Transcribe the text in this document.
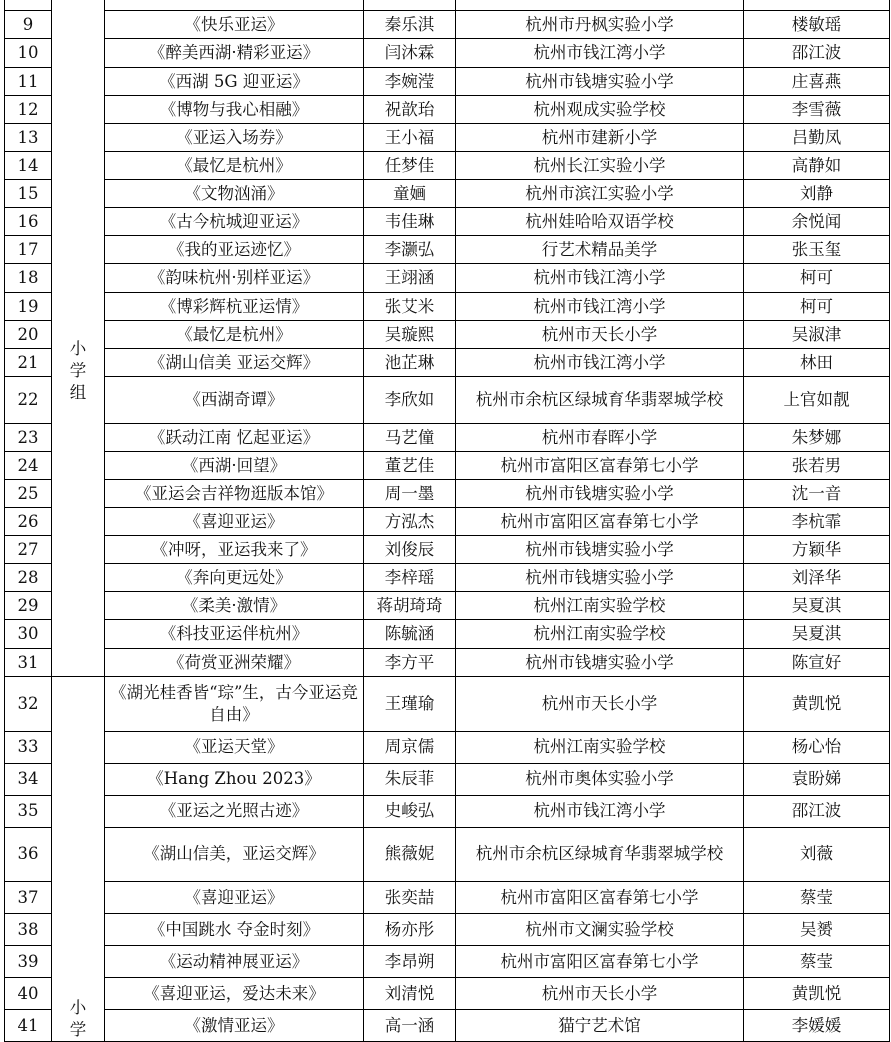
	小学组				
9		《快乐亚运》	秦乐淇	杭州市丹枫实验小学	楼敏瑶
10		《醉美西湖·精彩亚运》	闫沐霖	杭州市钱江湾小学	邵江波
11		《西湖 5G 迎亚运》	李婉滢	杭州市钱塘实验小学	庄喜燕
12		《博物与我心相融》	祝歆珆	杭州观成实验学校	李雪薇
13		《亚运入场券》	王小福	杭州市建新小学	吕勤凤
14		《最忆是杭州》	任梦佳	杭州长江实验小学	高静如
15		《文物汹涌》	童婳	杭州市滨江实验小学	刘静
16		《古今杭城迎亚运》	韦佳琳	杭州娃哈哈双语学校	余悦闻
17		《我的亚运迹忆》	李灏弘	行艺术精品美学	张玉玺
18		《韵味杭州·别样亚运》	王翊涵	杭州市钱江湾小学	柯可
19		《博彩辉杭亚运情》	张艾米	杭州市钱江湾小学	柯可
20		《最忆是杭州》	吴璇熙	杭州市天长小学	吴淑津
21		《湖山信美 亚运交辉》	池芷琳	杭州市钱江湾小学	林田
22		《西湖奇谭》	李欣如	杭州市余杭区绿城育华翡翠城学校	上官如靓
23		《跃动江南 忆起亚运》	马艺僮	杭州市春晖小学	朱梦娜
24		《西湖·回望》	董艺佳	杭州市富阳区富春第七小学	张若男
25		《亚运会吉祥物逛版本馆》	周一墨	杭州市钱塘实验小学	沈一音
26		《喜迎亚运》	方泓杰	杭州市富阳区富春第七小学	李杭霏
27		《冲呀，亚运我来了》	刘俊辰	杭州市钱塘实验小学	方颖华
28		《奔向更远处》	李梓瑶	杭州市钱塘实验小学	刘泽华
29		《柔美·激情》	蒋胡琦琦	杭州江南实验学校	吴夏淇
30		《科技亚运伴杭州》	陈毓涵	杭州江南实验学校	吴夏淇
31		《荷赏亚洲荣耀》	李方平	杭州市钱塘实验小学	陈宣好
32	小学	《湖光桂香皆“琮”生，古今亚运竞自由》	王瑾瑜	杭州市天长小学	黄凯悦
33		《亚运天堂》	周京儒	杭州江南实验学校	杨心怡
34		《Hang Zhou 2023》	朱辰菲	杭州市奥体实验小学	袁盼娣
35		《亚运之光照古迹》	史峻弘	杭州市钱江湾小学	邵江波
36		《湖山信美，亚运交辉》	熊薇妮	杭州市余杭区绿城育华翡翠城学校	刘薇
37		《喜迎亚运》	张奕喆	杭州市富阳区富春第七小学	蔡莹
38		《中国跳水 夺金时刻》	杨亦彤	杭州市文澜实验学校	吴赟
39		《运动精神展亚运》	李昂朔	杭州市富阳区富春第七小学	蔡莹
40		《喜迎亚运，爱达未来》	刘清悦	杭州市天长小学	黄凯悦
41		《激情亚运》	高一涵	猫宁艺术馆	李媛媛
